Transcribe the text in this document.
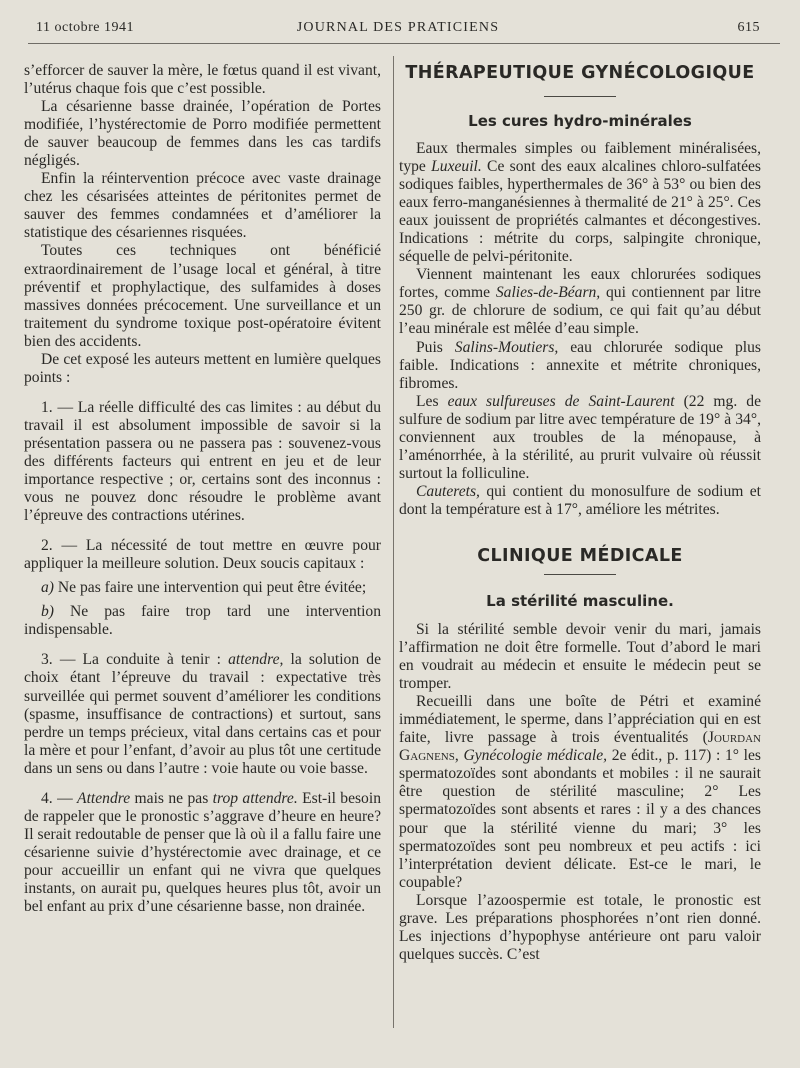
11 octobre 1941	JOURNAL DES PRATICIENS	615

s’efforcer de sauver la mère, le fœtus quand il est vivant, l’utérus chaque fois que c’est possible.

La césarienne basse drainée, l’opération de Portes modifiée, l’hystérectomie de Porro modifiée permettent de sauver beaucoup de femmes dans les cas tardifs négligés.

Enfin la réintervention précoce avec vaste drainage chez les césarisées atteintes de péritonites permet de sauver des femmes condamnées et d’améliorer la statistique des césariennes risquées.

Toutes ces techniques ont bénéficié extraordinairement de l’usage local et général, à titre préventif et prophylactique, des sulfamides à doses massives données précocement. Une surveillance et un traitement du syndrome toxique post-opératoire évitent bien des accidents.

De cet exposé les auteurs mettent en lumière quelques points :

1. — La réelle difficulté des cas limites : au début du travail il est absolument impossible de savoir si la présentation passera ou ne passera pas : souvenez-vous des différents facteurs qui entrent en jeu et de leur importance respective ; or, certains sont des inconnus : vous ne pouvez donc résoudre le problème avant l’épreuve des contractions utérines.

2. — La nécessité de tout mettre en œuvre pour appliquer la meilleure solution. Deux soucis capitaux :

a) Ne pas faire une intervention qui peut être évitée;

b) Ne pas faire trop tard une intervention indispensable.

3. — La conduite à tenir : attendre, la solution de choix étant l’épreuve du travail : expectative très surveillée qui permet souvent d’améliorer les conditions (spasme, insuffisance de contractions) et surtout, sans perdre un temps précieux, vital dans certains cas et pour la mère et pour l’enfant, d’avoir au plus tôt une certitude dans un sens ou dans l’autre : voie haute ou voie basse.

4. — Attendre mais ne pas trop attendre. Est-il besoin de rappeler que le pronostic s’aggrave d’heure en heure? Il serait redoutable de penser que là où il a fallu faire une césarienne suivie d’hystérectomie avec drainage, et ce pour accueillir un enfant qui ne vivra que quelques instants, on aurait pu, quelques heures plus tôt, avoir un bel enfant au prix d’une césarienne basse, non drainée.

THÉRAPEUTIQUE GYNÉCOLOGIQUE
Les cures hydro-minérales

Eaux thermales simples ou faiblement minéralisées, type Luxeuil. Ce sont des eaux alcalines chloro-sulfatées sodiques faibles, hyperthermales de 36° à 53° ou bien des eaux ferro-manganésiennes à thermalité de 21° à 25°. Ces eaux jouissent de propriétés calmantes et décongestives. Indications : métrite du corps, salpingite chronique, séquelle de pelvi-péritonite.

Viennent maintenant les eaux chlorurées sodiques fortes, comme Salies-de-Béarn, qui contiennent par litre 250 gr. de chlorure de sodium, ce qui fait qu’au début l’eau minérale est mêlée d’eau simple.

Puis Salins-Moutiers, eau chlorurée sodique plus faible. Indications : annexite et métrite chroniques, fibromes.

Les eaux sulfureuses de Saint-Laurent (22 mg. de sulfure de sodium par litre avec température de 19° à 34°, conviennent aux troubles de la ménopause, à l’aménorrhée, à la stérilité, au prurit vulvaire où réussit surtout la folliculine.

Cauterets, qui contient du monosulfure de sodium et dont la température est à 17°, améliore les métrites.

CLINIQUE MÉDICALE
La stérilité masculine.

Si la stérilité semble devoir venir du mari, jamais l’affirmation ne doit être formelle. Tout d’abord le mari en voudrait au médecin et ensuite le médecin peut se tromper.

Recueilli dans une boîte de Pétri et examiné immédiatement, le sperme, dans l’appréciation qui en est faite, livre passage à trois éventualités (Jourdan Gagnens, Gynécologie médicale, 2e édit., p. 117) : 1° les spermatozoïdes sont abondants et mobiles : il ne saurait être question de stérilité masculine; 2° Les spermatozoïdes sont absents et rares : il y a des chances pour que la stérilité vienne du mari; 3° les spermatozoïdes sont peu nombreux et peu actifs : ici l’interprétation devient délicate. Est-ce le mari, le coupable?

Lorsque l’azoospermie est totale, le pronostic est grave. Les préparations phosphorées n’ont rien donné. Les injections d’hypophyse antérieure ont paru valoir quelques succès. C’est
